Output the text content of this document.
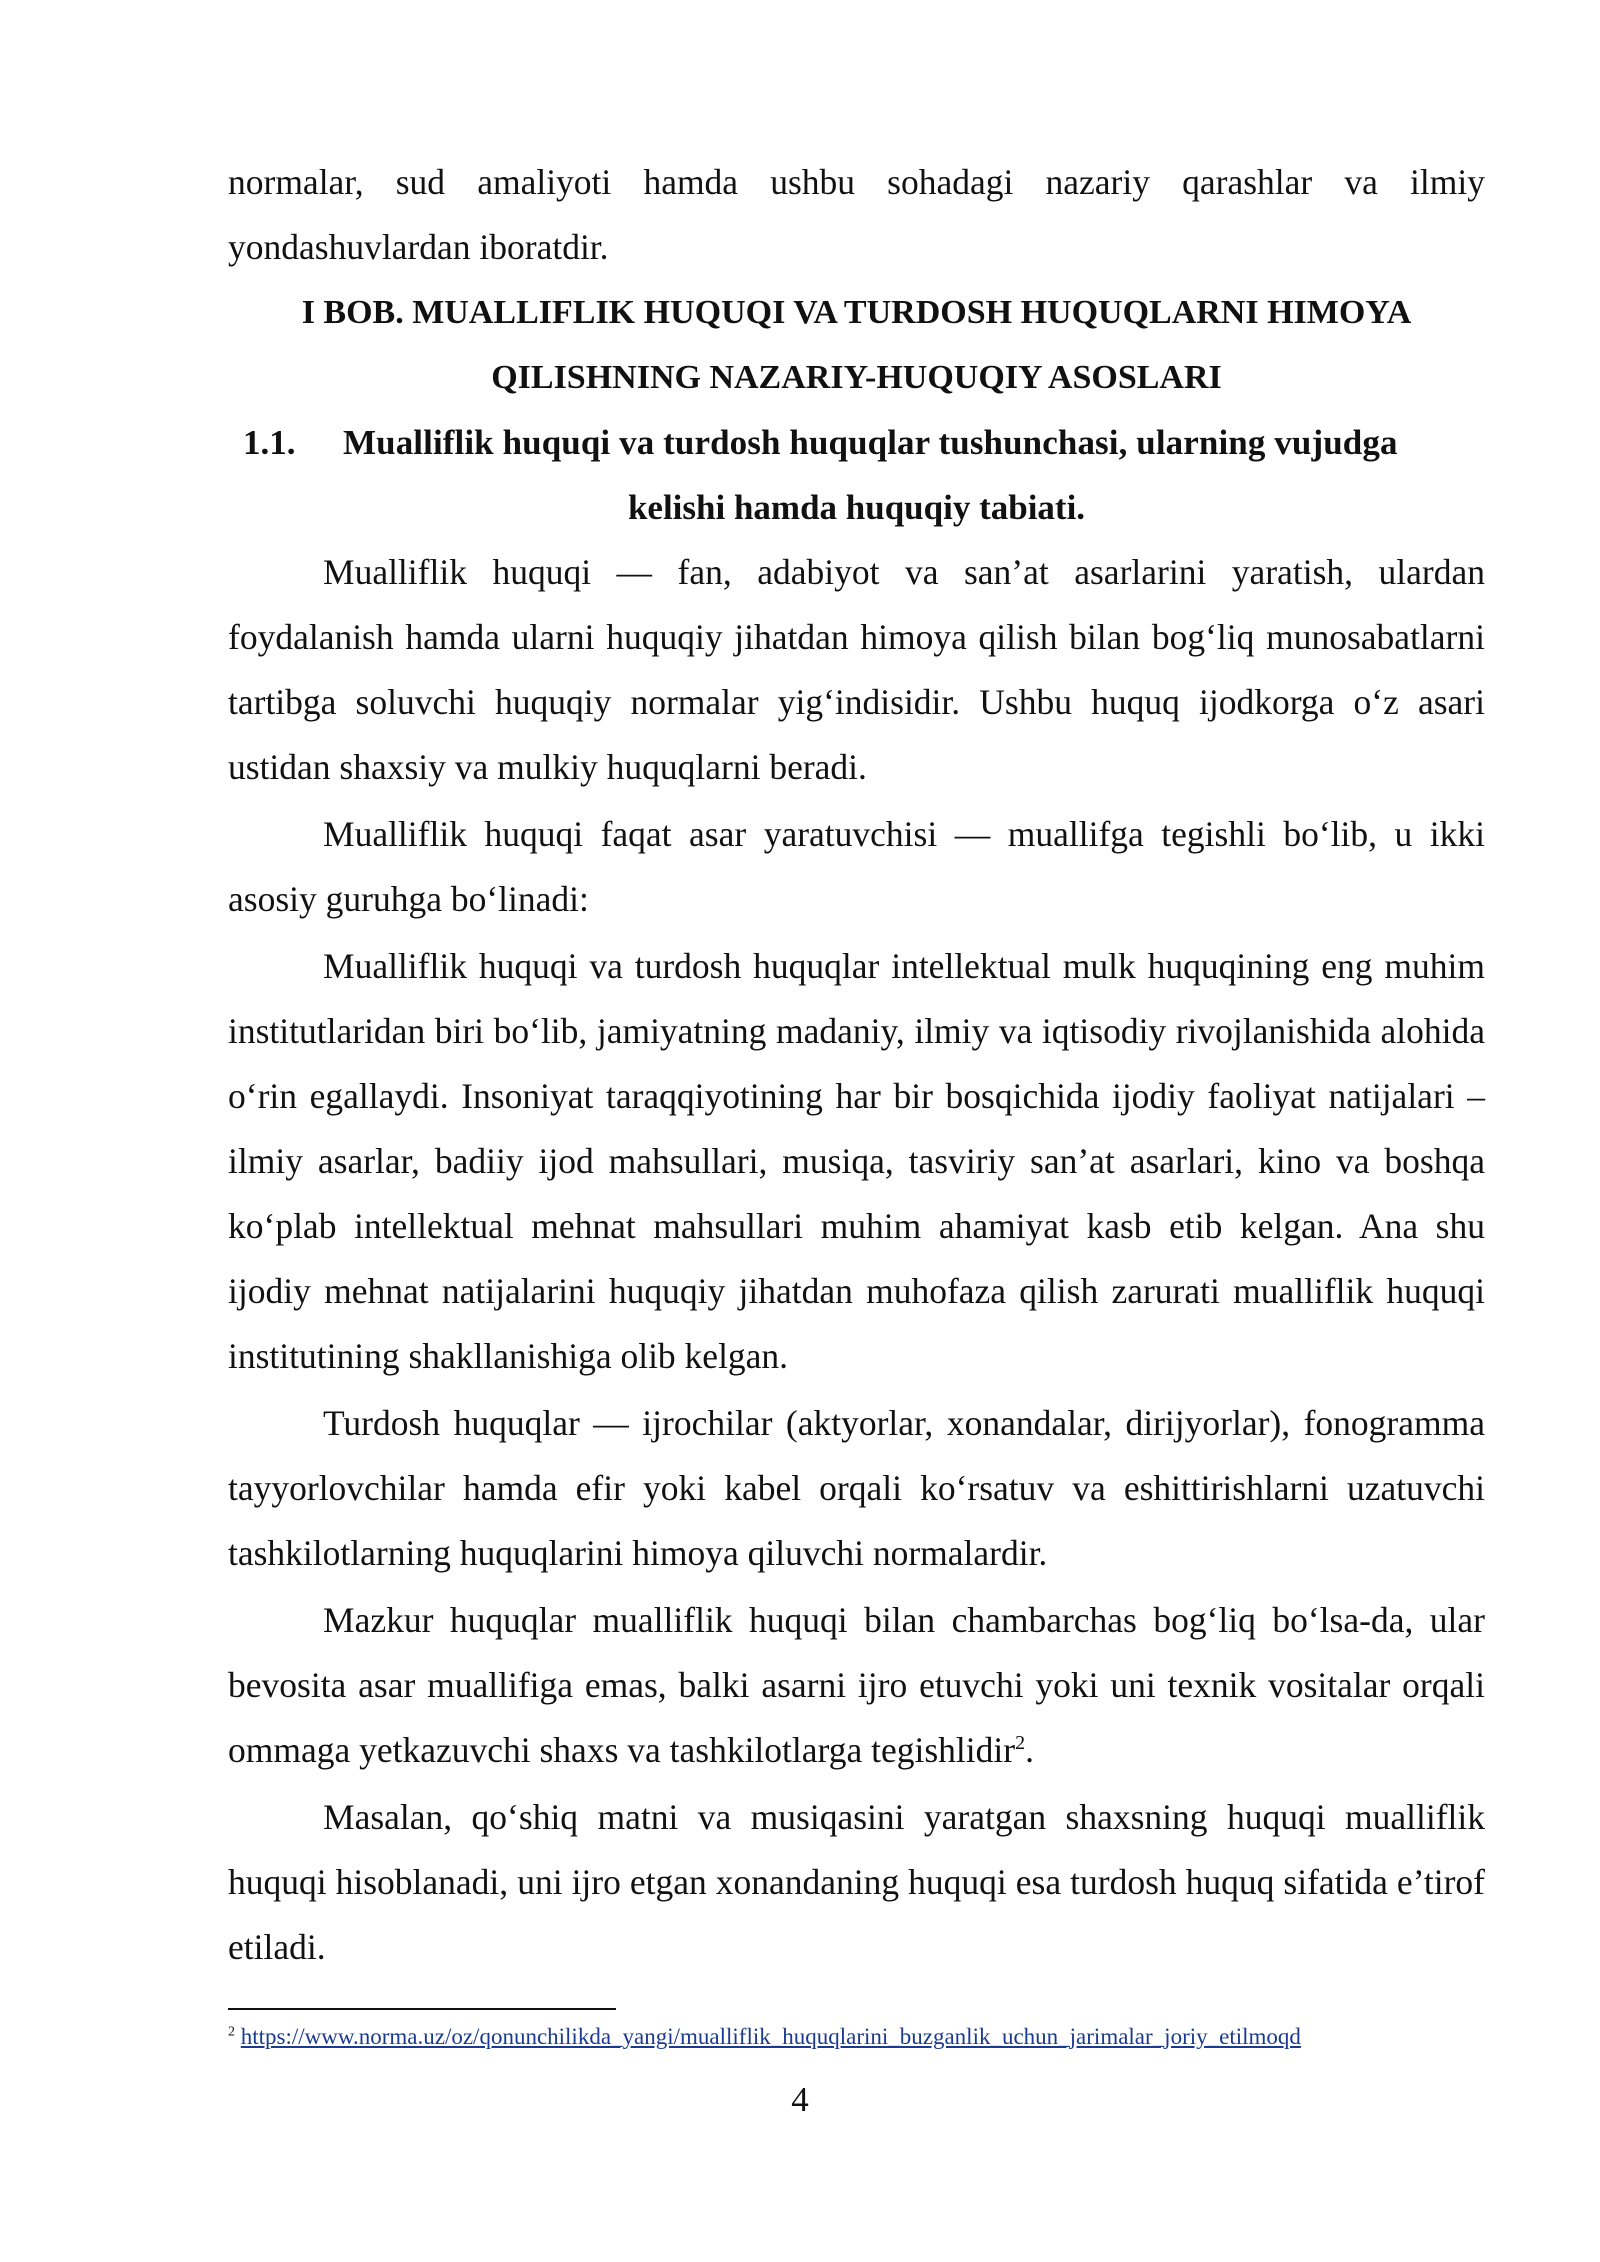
normalar, sud amaliyoti hamda ushbu sohadagi nazariy qarashlar va ilmiy yondashuvlardan iboratdir.

I BOB. MUALLIFLIK HUQUQI VA TURDOSH HUQUQLARNI HIMOYA
QILISHNING NAZARIY-HUQUQIY ASOSLARI
1.1.	Mualliflik huquqi va turdosh huquqlar tushunchasi, ularning vujudga
kelishi hamda huquqiy tabiati.

Mualliflik huquqi — fan, adabiyot va san’at asarlarini yaratish, ulardan foydalanish hamda ularni huquqiy jihatdan himoya qilish bilan bog‘liq munosabatlarni tartibga soluvchi huquqiy normalar yig‘indisidir. Ushbu huquq ijodkorga o‘z asari ustidan shaxsiy va mulkiy huquqlarni beradi.

Mualliflik huquqi faqat asar yaratuvchisi — muallifga tegishli bo‘lib, u ikki asosiy guruhga bo‘linadi:

Mualliflik huquqi va turdosh huquqlar intellektual mulk huquqining eng muhim institutlaridan biri bo‘lib, jamiyatning madaniy, ilmiy va iqtisodiy rivojlanishida alohida o‘rin egallaydi. Insoniyat taraqqiyotining har bir bosqichida ijodiy faoliyat natijalari – ilmiy asarlar, badiiy ijod mahsullari, musiqa, tasviriy san’at asarlari, kino va boshqa ko‘plab intellektual mehnat mahsullari muhim ahamiyat kasb etib kelgan. Ana shu ijodiy mehnat natijalarini huquqiy jihatdan muhofaza qilish zarurati mualliflik huquqi institutining shakllanishiga olib kelgan.

Turdosh huquqlar — ijrochilar (aktyorlar, xonandalar, dirijyorlar), fonogramma tayyorlovchilar hamda efir yoki kabel orqali ko‘rsatuv va eshittirishlarni uzatuvchi tashkilotlarning huquqlarini himoya qiluvchi normalardir.

Mazkur huquqlar mualliflik huquqi bilan chambarchas bog‘liq bo‘lsa-da, ular bevosita asar muallifiga emas, balki asarni ijro etuvchi yoki uni texnik vositalar orqali ommaga yetkazuvchi shaxs va tashkilotlarga tegishlidir$^2$.

Masalan, qo‘shiq matni va musiqasini yaratgan shaxsning huquqi mualliflik huquqi hisoblanadi, uni ijro etgan xonandaning huquqi esa turdosh huquq sifatida e’tirof etiladi.

$^2$ https://www.norma.uz/oz/qonunchilikda_yangi/mualliflik_huquqlarini_buzganlik_uchun_jarimalar_joriy_etilmoqd
4
